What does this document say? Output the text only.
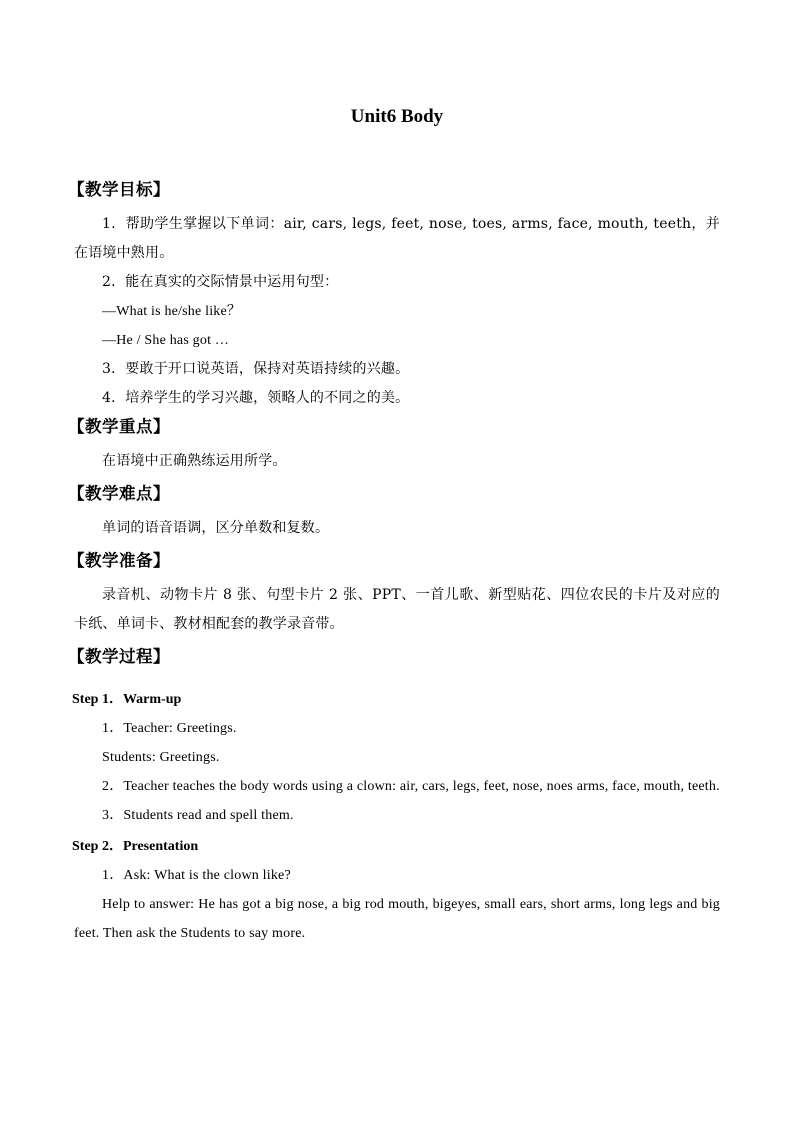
Unit6 Body
【教学目标】

1．帮助学生掌握以下单词：air, cars, legs, feet, nose, toes, arms, face, mouth, teeth，并在语境中熟用。

2．能在真实的交际情景中运用句型：

—What is he/she like？

—He / She has got …

3．要敢于开口说英语，保持对英语持续的兴趣。

4．培养学生的学习兴趣，领略人的不同之的美。

【教学重点】

在语境中正确熟练运用所学。

【教学难点】

单词的语音语调，区分单数和复数。

【教学准备】

录音机、动物卡片 8 张、句型卡片 2 张、PPT、一首儿歌、新型贴花、四位农民的卡片及对应的卡纸、单词卡、教材相配套的教学录音带。

【教学过程】
Step 1．Warm-up

1．Teacher: Greetings.

Students: Greetings.

2．Teacher teaches the body words using a clown: air, cars, legs, feet, nose, noes arms, face, mouth, teeth.

3．Students read and spell them.

Step 2．Presentation

1．Ask: What is the clown like?

Help to answer: He has got a big nose, a big rod mouth, bigeyes, small ears, short arms, long legs and big feet. Then ask the Students to say more.
